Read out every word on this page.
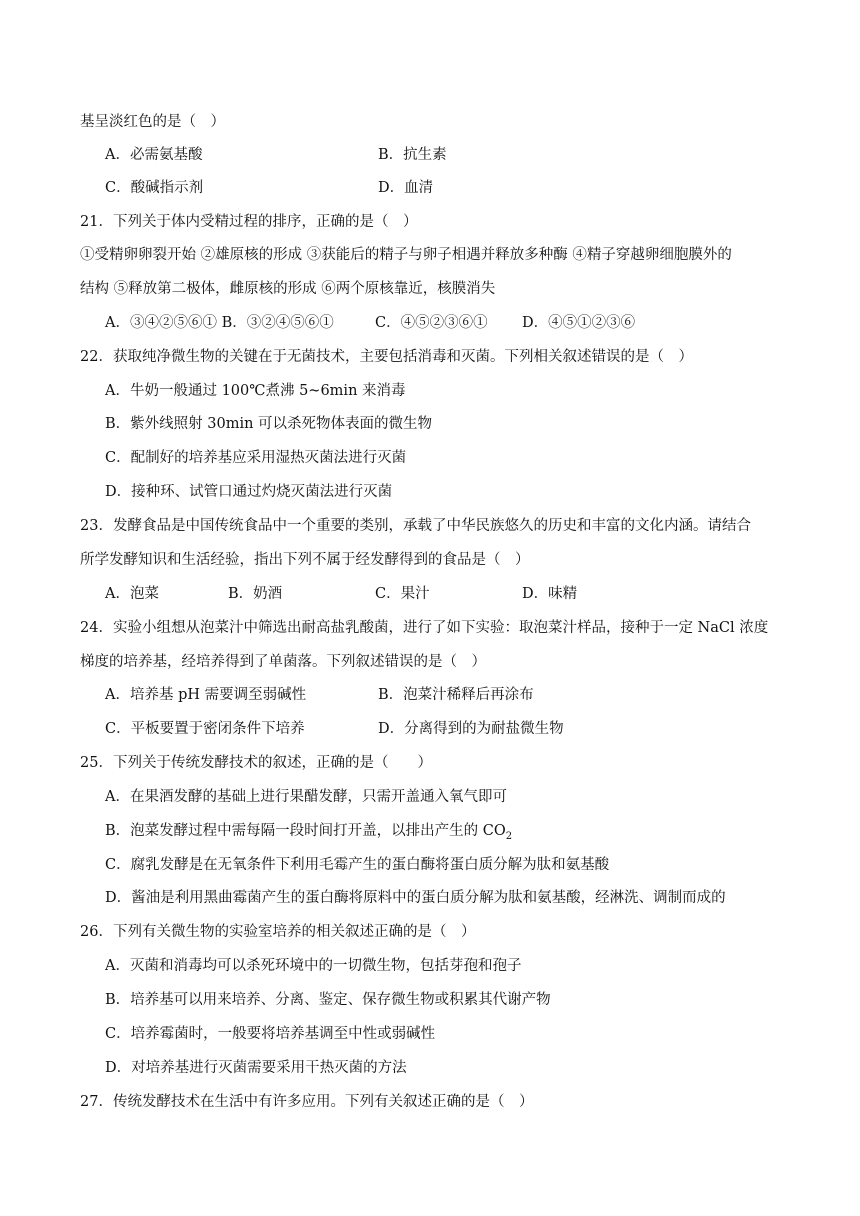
基呈淡红色的是（　）
A．必需氨基酸	B．抗生素
C．酸碱指示剂	D．血清
21．下列关于体内受精过程的排序，正确的是（　）
①受精卵卵裂开始 ②雄原核的形成 ③获能后的精子与卵子相遇并释放多种酶 ④精子穿越卵细胞膜外的
结构 ⑤释放第二极体，雌原核的形成 ⑥两个原核靠近，核膜消失
A．③④②⑤⑥① B．③②④⑤⑥①	C．④⑤②③⑥①	D．④⑤①②③⑥
22．获取纯净微生物的关键在于无菌技术，主要包括消毒和灭菌。下列相关叙述错误的是（　）
A．牛奶一般通过 100℃煮沸 5~6min 来消毒
B．紫外线照射 30min 可以杀死物体表面的微生物
C．配制好的培养基应采用湿热灭菌法进行灭菌
D．接种环、试管口通过灼烧灭菌法进行灭菌
23．发酵食品是中国传统食品中一个重要的类别，承载了中华民族悠久的历史和丰富的文化内涵。请结合
所学发酵知识和生活经验，指出下列不属于经发酵得到的食品是（　）
A．泡菜	B．奶酒	C．果汁	D．味精
24．实验小组想从泡菜汁中筛选出耐高盐乳酸菌，进行了如下实验：取泡菜汁样品，接种于一定 NaCl 浓度
梯度的培养基，经培养得到了单菌落。下列叙述错误的是（　）
A．培养基 pH 需要调至弱碱性	B．泡菜汁稀释后再涂布
C．平板要置于密闭条件下培养	D．分离得到的为耐盐微生物
25．下列关于传统发酵技术的叙述，正确的是（　　）
A．在果酒发酵的基础上进行果醋发酵，只需开盖通入氧气即可
B．泡菜发酵过程中需每隔一段时间打开盖，以排出产生的 $CO_2$
C．腐乳发酵是在无氧条件下利用毛霉产生的蛋白酶将蛋白质分解为肽和氨基酸
D．酱油是利用黑曲霉菌产生的蛋白酶将原料中的蛋白质分解为肽和氨基酸，经淋洗、调制而成的
26．下列有关微生物的实验室培养的相关叙述正确的是（　）
A．灭菌和消毒均可以杀死环境中的一切微生物，包括芽孢和孢子
B．培养基可以用来培养、分离、鉴定、保存微生物或积累其代谢产物
C．培养霉菌时，一般要将培养基调至中性或弱碱性
D．对培养基进行灭菌需要采用干热灭菌的方法
27．传统发酵技术在生活中有许多应用。下列有关叙述正确的是（　）
